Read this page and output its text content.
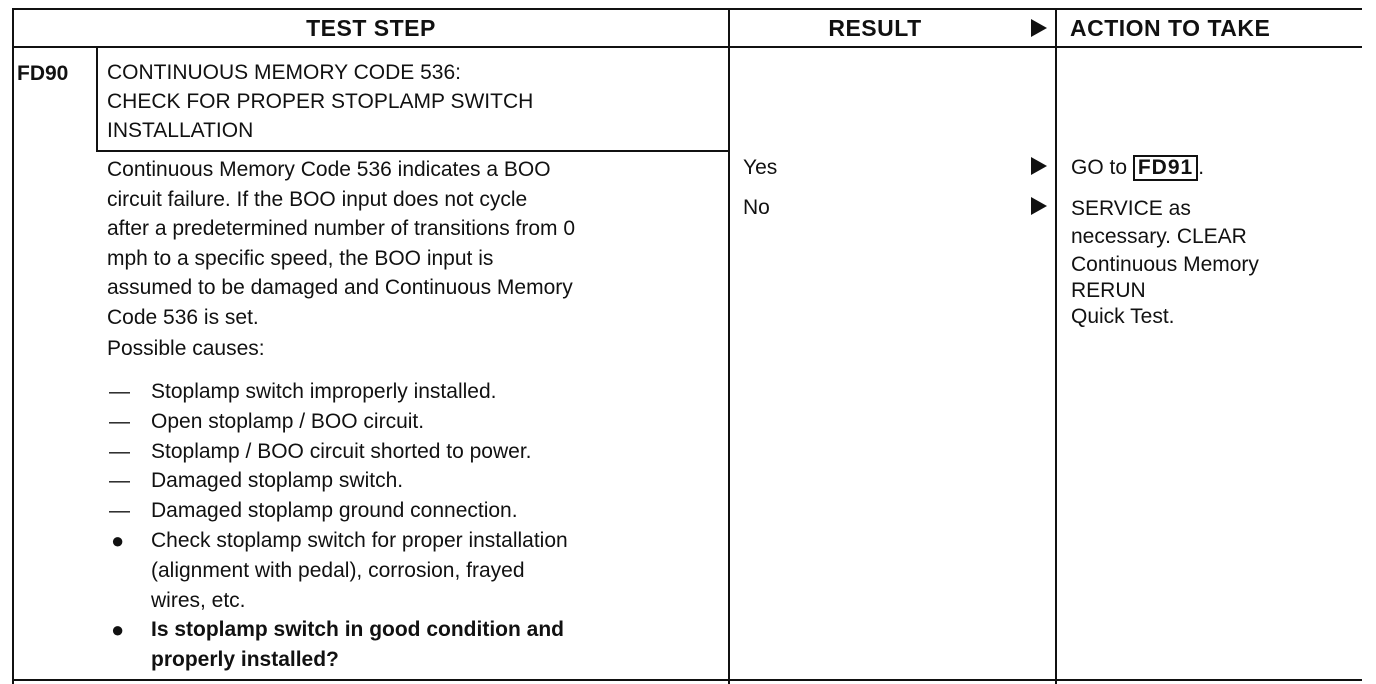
TEST STEP	RESULT	ACTION TO TAKE
FD90 CONTINUOUS MEMORY CODE 536:
CHECK FOR PROPER STOPLAMP SWITCH
INSTALLATION
Continuous Memory Code 536 indicates a BOO
circuit failure. If the BOO input does not cycle
after a predetermined number of transitions from 0
mph to a specific speed, the BOO input is
assumed to be damaged and Continuous Memory
Code 536 is set.
Possible causes:
— Stoplamp switch improperly installed.
— Open stoplamp / BOO circuit.
— Stoplamp / BOO circuit shorted to power.
— Damaged stoplamp switch.
— Damaged stoplamp ground connection.
● Check stoplamp switch for proper installation
(alignment with pedal), corrosion, frayed
wires, etc.
● Is stoplamp switch in good condition and
properly installed?
Yes
No
GO to FD91 .
SERVICE as
necessary. CLEAR
Continuous Memory
RERUN
Quick Test.
